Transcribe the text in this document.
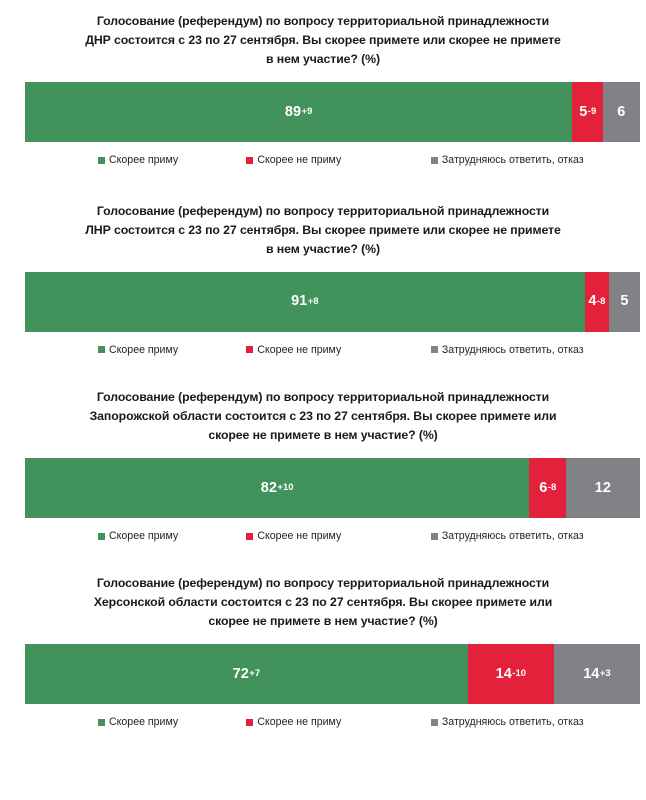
Голосование (референдум) по вопросу территориальной принадлежности
ДНР состоится с 23 по 27 сентября. Вы скорее примете или скорее не примете
в нем участие? (%)
89 +9	5 -9 6
Скорее приму	Скорее не приму	Затрудняюсь ответить, отказ
Голосование (референдум) по вопросу территориальной принадлежности
ЛНР состоится с 23 по 27 сентября. Вы скорее примете или скорее не примете
в нем участие? (%)
91 +8	4 -8 5
Скорее приму	Скорее не приму	Затрудняюсь ответить, отказ
Голосование (референдум) по вопросу территориальной принадлежности
Запорожской области состоится с 23 по 27 сентября. Вы скорее примете или
скорее не примете в нем участие? (%)
82 +10	6 -8	12
Скорее приму	Скорее не приму	Затрудняюсь ответить, отказ
Голосование (референдум) по вопросу территориальной принадлежности
Херсонской области состоится с 23 по 27 сентября. Вы скорее примете или
скорее не примете в нем участие? (%)
72 +7	14 -10	14 +3
Скорее приму	Скорее не приму	Затрудняюсь ответить, отказ
